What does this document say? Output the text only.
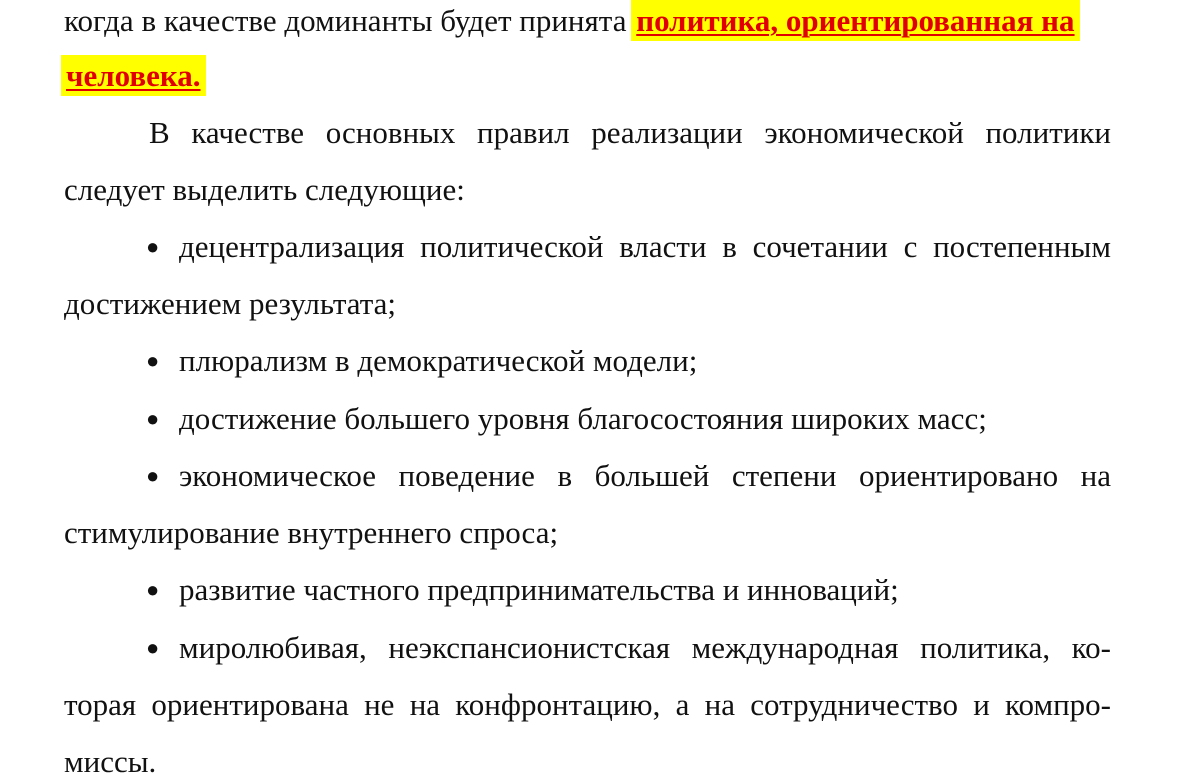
когда в качестве доминанты будет принята политика, ориентированная на
человека.
В качестве основных правил реализации экономической политики
следует выделить следующие:
● децентрализация политической власти в сочетании с постепенным
достижением результата;
● плюрализм в демократической модели;
● достижение большего уровня благосостояния широких масс;
● экономическое поведение в большей степени ориентировано на
стимулирование внутреннего спроса;
● развитие частного предпринимательства и инноваций;
● миролюбивая, неэкспансионистская международная политика, ко-
торая ориентирована не на конфронтацию, а на сотрудничество и компро-
миссы.
